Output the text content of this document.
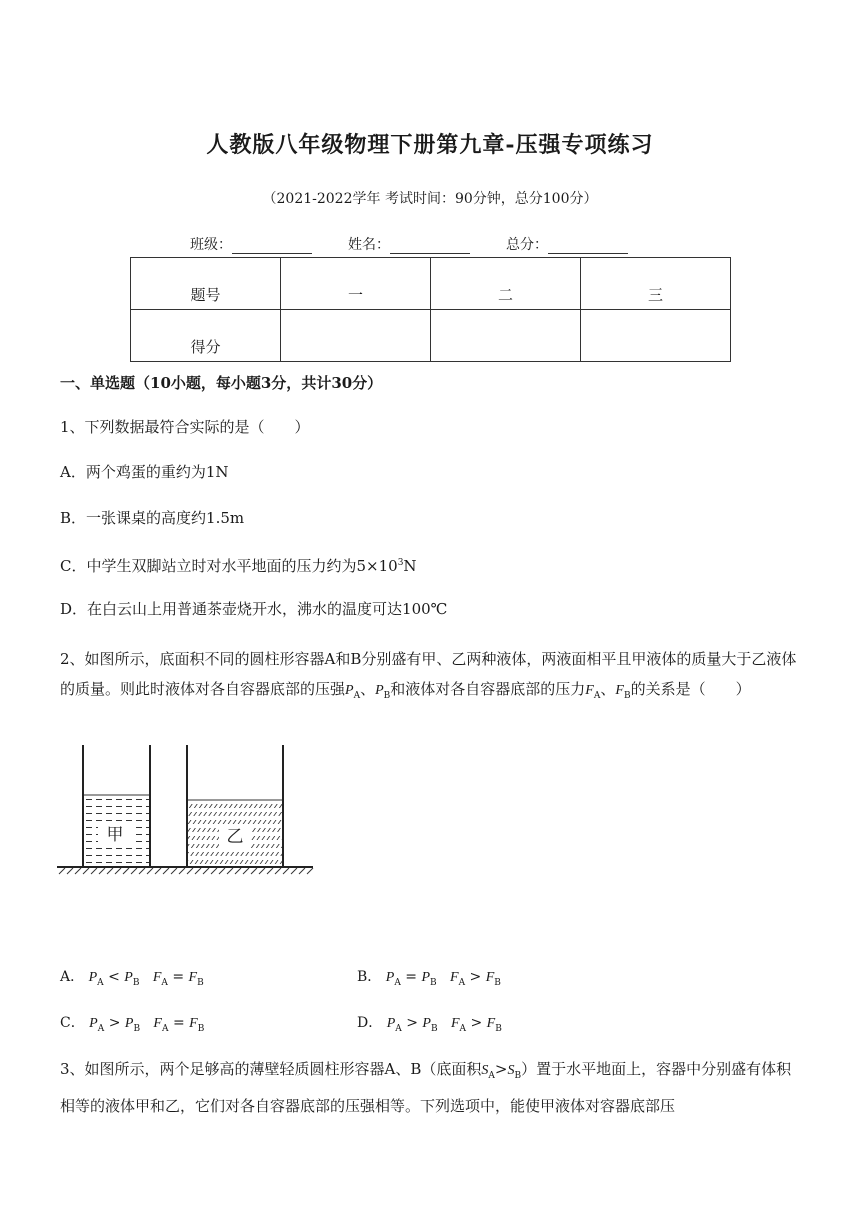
人教版八年级物理下册第九章-压强专项练习
（2021-2022学年 考试时间：90分钟，总分100分）
班级：	姓名：	总分：
题号	一	二	三
得分			
一、单选题（10小题，每小题3分，共计30分）
1、下列数据最符合实际的是（　　）
A．两个鸡蛋的重约为1N
B．一张课桌的高度约1.5m
C．中学生双脚站立时对水平地面的压力约为$5\times 10^3N$
D．在白云山上用普通茶壶烧开水，沸水的温度可达100℃
2、如图所示，底面积不同的圆柱形容器A和B分别盛有甲、乙两种液体，两液面相平且甲液体的质量大于乙液体的质量。则此时液体对各自容器底部的压强$P_A$、$P_B$和液体对各自容器底部的压力$F_A$、$F_B$的关系是（　　）
甲	乙
A． $P_A < P_B$ $F_A = F_B$	B． $P_A = P_B$ $F_A > F_B$
C． $P_A > P_B$ $F_A = F_B$	D． $P_A > P_B$ $F_A > F_B$
3、如图所示，两个足够高的薄壁轻质圆柱形容器A、B（底面积$S_A>S_B$）置于水平地面上，容器中分别盛有体积相等的液体甲和乙，它们对各自容器底部的压强相等。下列选项中，能使甲液体对容器底部压
